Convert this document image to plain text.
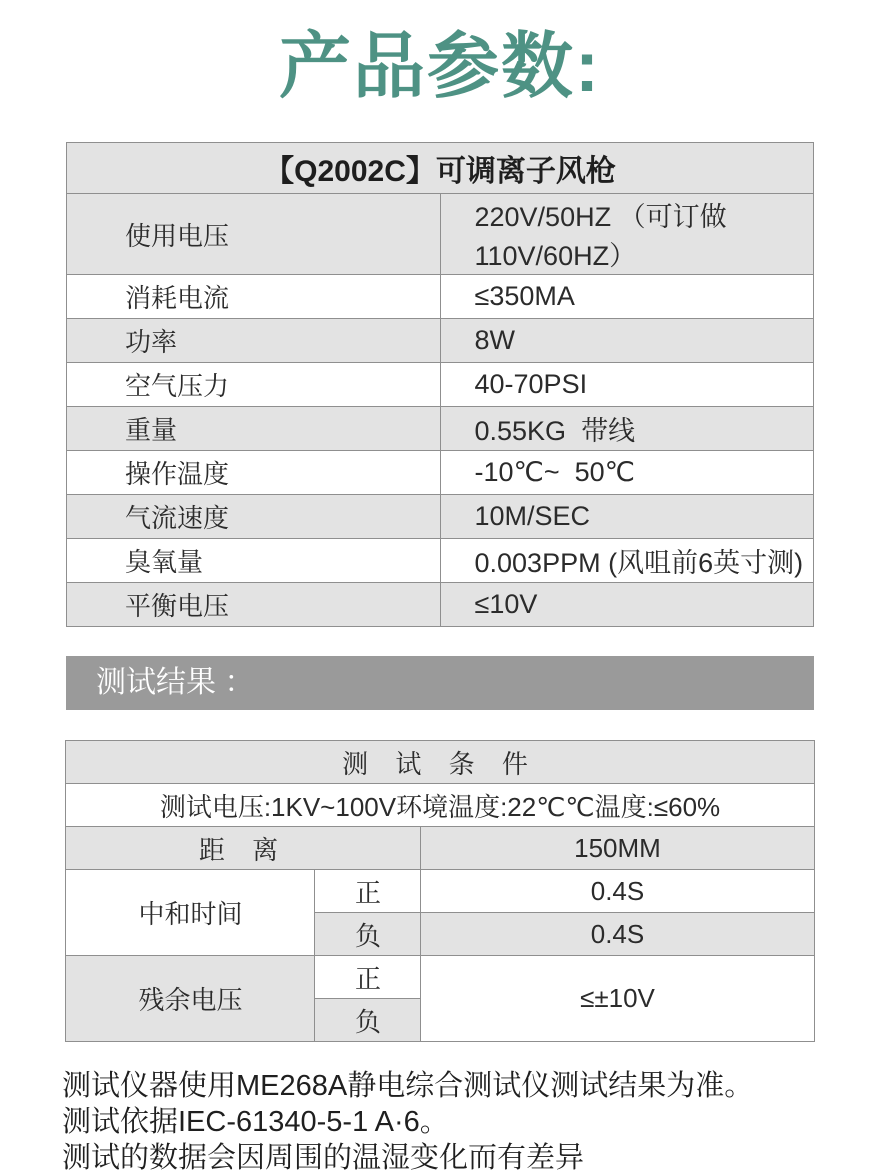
产品参数:
【Q2002C】可调离子风枪	
使用电压	220V/50HZ （可订做110V/60HZ）
消耗电流	≤350MA
功率	8W
空气压力	40-70PSI
重量	0.55KG  带线
操作温度	-10℃~  50℃
气流速度	10M/SEC
臭氧量	0.003PPM (风咀前6英寸测)
平衡电压	≤10V
测试结果 ：
测 试 条 件		
测试电压:1KV~100V环境温度:22℃℃温度:≤60%		
距 离		150MM
中和时间	正	0.4S
	负	0.4S
残余电压	正	≤±10V
	负	
测试仪器使用ME268A静电综合测试仪测试结果为准。
测试依据IEC-61340-5-1 A·6。
测试的数据会因周围的温湿变化而有差异
